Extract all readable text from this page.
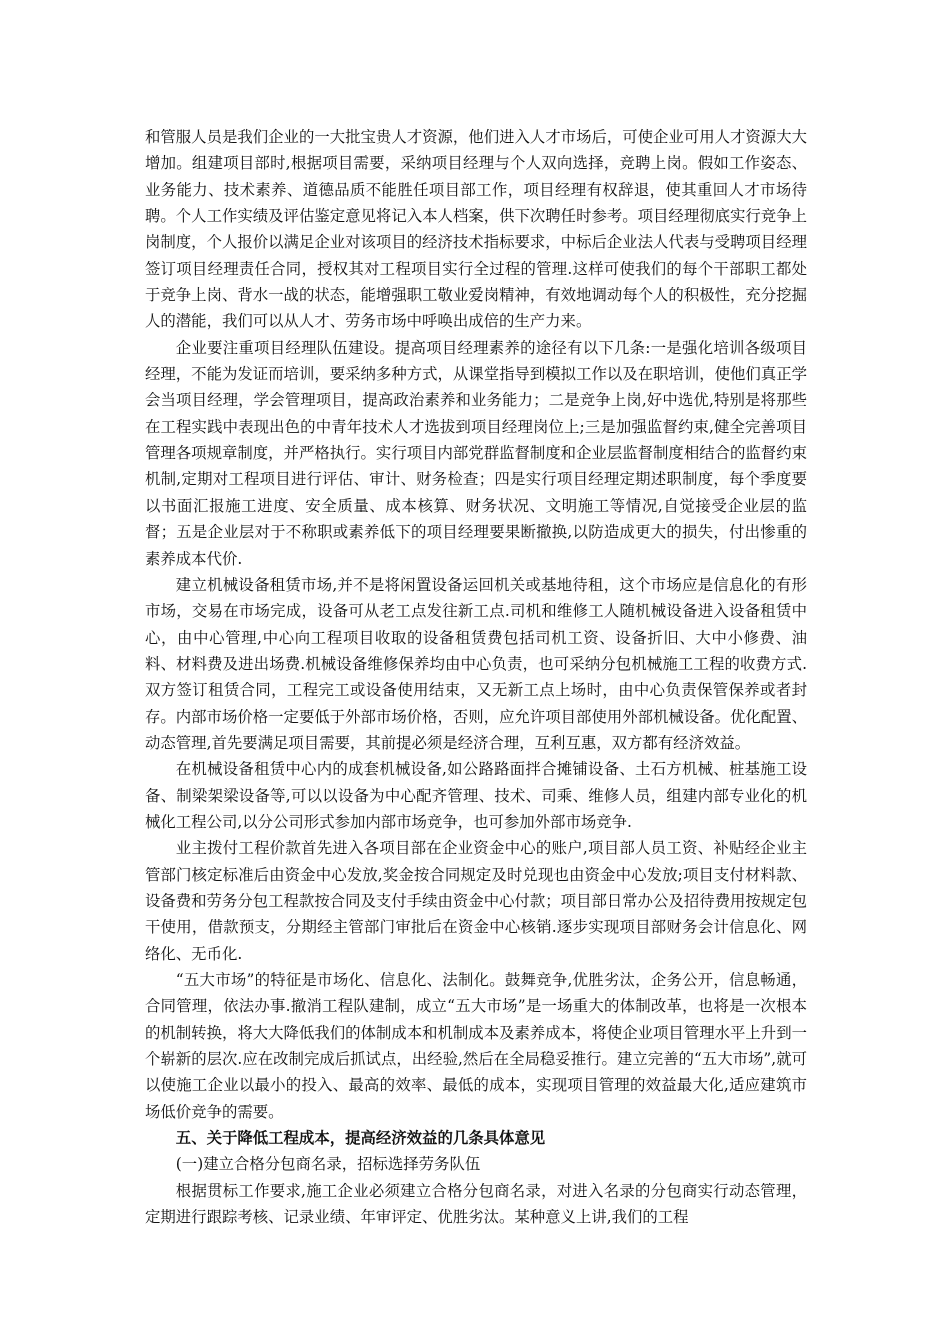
和管服人员是我们企业的一大批宝贵人才资源，他们进入人才市场后，可使企业可用人才资源大大增加。组建项目部时,根据项目需要，采纳项目经理与个人双向选择，竞聘上岗。假如工作姿态、业务能力、技术素养、道德品质不能胜任项目部工作，项目经理有权辞退，使其重回人才市场待聘。个人工作实绩及评估鉴定意见将记入本人档案，供下次聘任时参考。项目经理彻底实行竞争上岗制度，个人报价以满足企业对该项目的经济技术指标要求，中标后企业法人代表与受聘项目经理签订项目经理责任合同，授权其对工程项目实行全过程的管理.这样可使我们的每个干部职工都处于竞争上岗、背水一战的状态，能增强职工敬业爱岗精神，有效地调动每个人的积极性，充分挖掘人的潜能，我们可以从人才、劳务市场中呼唤出成倍的生产力来。

企业要注重项目经理队伍建设。提高项目经理素养的途径有以下几条:一是强化培训各级项目经理，不能为发证而培训，要采纳多种方式，从课堂指导到模拟工作以及在职培训，使他们真正学会当项目经理，学会管理项目，提高政治素养和业务能力；二是竞争上岗,好中选优,特别是将那些在工程实践中表现出色的中青年技术人才选拔到项目经理岗位上;三是加强监督约束,健全完善项目管理各项规章制度，并严格执行。实行项目内部党群监督制度和企业层监督制度相结合的监督约束机制,定期对工程项目进行评估、审计、财务检查；四是实行项目经理定期述职制度，每个季度要以书面汇报施工进度、安全质量、成本核算、财务状况、文明施工等情况,自觉接受企业层的监督；五是企业层对于不称职或素养低下的项目经理要果断撤换,以防造成更大的损失，付出惨重的素养成本代价.

建立机械设备租赁市场,并不是将闲置设备运回机关或基地待租，这个市场应是信息化的有形市场，交易在市场完成，设备可从老工点发往新工点.司机和维修工人随机械设备进入设备租赁中心，由中心管理,中心向工程项目收取的设备租赁费包括司机工资、设备折旧、大中小修费、油料、材料费及进出场费.机械设备维修保养均由中心负责，也可采纳分包机械施工工程的收费方式.双方签订租赁合同，工程完工或设备使用结束，又无新工点上场时，由中心负责保管保养或者封存。内部市场价格一定要低于外部市场价格，否则，应允许项目部使用外部机械设备。优化配置、动态管理,首先要满足项目需要，其前提必须是经济合理，互利互惠，双方都有经济效益。

在机械设备租赁中心内的成套机械设备,如公路路面拌合摊铺设备、土石方机械、桩基施工设备、制梁架梁设备等,可以以设备为中心配齐管理、技术、司乘、维修人员，组建内部专业化的机械化工程公司,以分公司形式参加内部市场竞争，也可参加外部市场竞争.

业主拨付工程价款首先进入各项目部在企业资金中心的账户,项目部人员工资、补贴经企业主管部门核定标准后由资金中心发放,奖金按合同规定及时兑现也由资金中心发放;项目支付材料款、设备费和劳务分包工程款按合同及支付手续由资金中心付款；项目部日常办公及招待费用按规定包干使用，借款预支，分期经主管部门审批后在资金中心核销.逐步实现项目部财务会计信息化、网络化、无币化.

“五大市场”的特征是市场化、信息化、法制化。鼓舞竞争,优胜劣汰，企务公开，信息畅通，合同管理，依法办事.撤消工程队建制，成立“五大市场”是一场重大的体制改革，也将是一次根本的机制转换，将大大降低我们的体制成本和机制成本及素养成本，将使企业项目管理水平上升到一个崭新的层次.应在改制完成后抓试点，出经验,然后在全局稳妥推行。建立完善的“五大市场”,就可以使施工企业以最小的投入、最高的效率、最低的成本，实现项目管理的效益最大化,适应建筑市场低价竞争的需要。

五、关于降低工程成本，提高经济效益的几条具体意见

(一)建立合格分包商名录，招标选择劳务队伍

根据贯标工作要求,施工企业必须建立合格分包商名录，对进入名录的分包商实行动态管理，定期进行跟踪考核、记录业绩、年审评定、优胜劣汰。某种意义上讲,我们的工程
